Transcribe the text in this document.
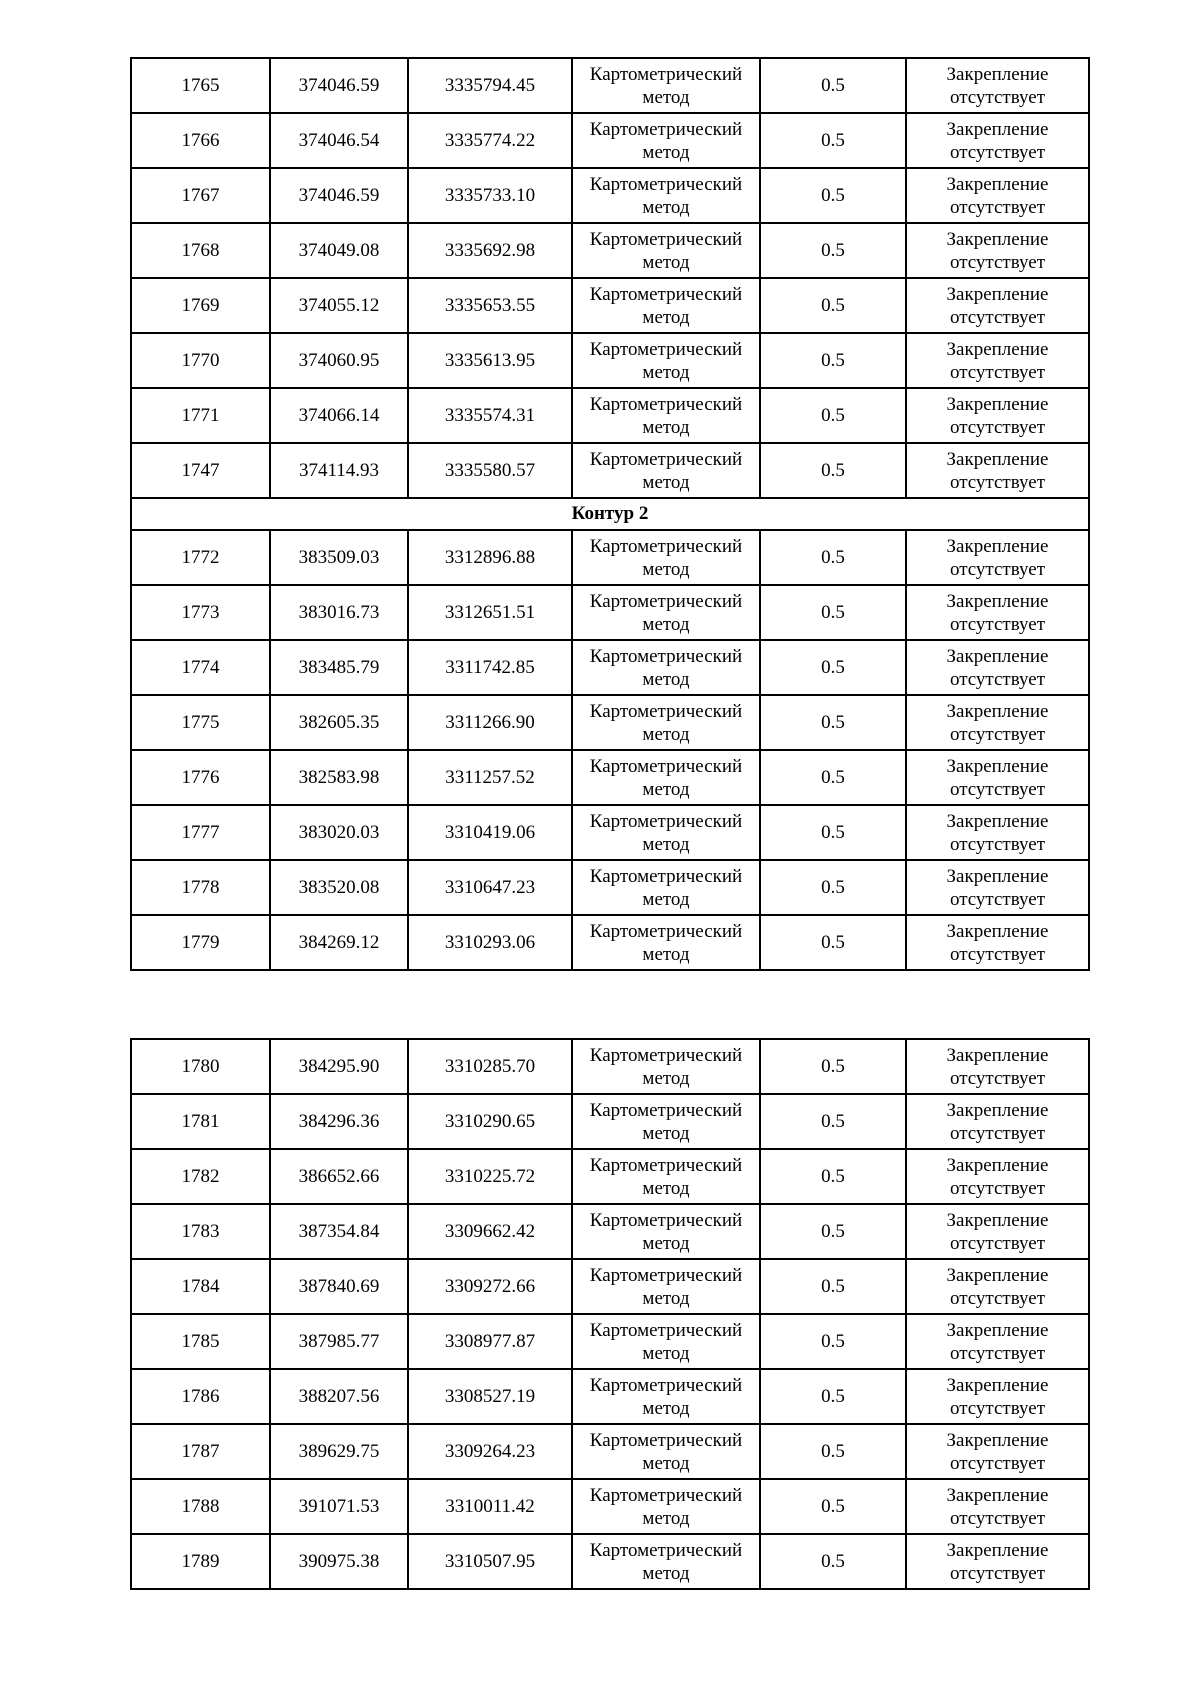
1765	374046.59	3335794.45	Картометрический
метод	0.5	Закрепление
отсутствует

1766	374046.54	3335774.22	Картометрический
метод	0.5	Закрепление
отсутствует

1767	374046.59	3335733.10	Картометрический
метод	0.5	Закрепление
отсутствует

1768	374049.08	3335692.98	Картометрический
метод	0.5	Закрепление
отсутствует

1769	374055.12	3335653.55	Картометрический
метод	0.5	Закрепление
отсутствует

1770	374060.95	3335613.95	Картометрический
метод	0.5	Закрепление
отсутствует

1771	374066.14	3335574.31	Картометрический
метод	0.5	Закрепление
отсутствует

1747	374114.93	3335580.57	Картометрический
метод	0.5	Закрепление
отсутствует

Контур 2					
1772	383509.03	3312896.88	Картометрический
метод	0.5	Закрепление
отсутствует

1773	383016.73	3312651.51	Картометрический
метод	0.5	Закрепление
отсутствует

1774	383485.79	3311742.85	Картометрический
метод	0.5	Закрепление
отсутствует

1775	382605.35	3311266.90	Картометрический
метод	0.5	Закрепление
отсутствует

1776	382583.98	3311257.52	Картометрический
метод	0.5	Закрепление
отсутствует

1777	383020.03	3310419.06	Картометрический
метод	0.5	Закрепление
отсутствует

1778	383520.08	3310647.23	Картометрический
метод	0.5	Закрепление
отсутствует

1779	384269.12	3310293.06	Картометрический
метод	0.5	Закрепление
отсутствует
1780	384295.90	3310285.70	Картометрический
метод	0.5	Закрепление
отсутствует

1781	384296.36	3310290.65	Картометрический
метод	0.5	Закрепление
отсутствует

1782	386652.66	3310225.72	Картометрический
метод	0.5	Закрепление
отсутствует

1783	387354.84	3309662.42	Картометрический
метод	0.5	Закрепление
отсутствует

1784	387840.69	3309272.66	Картометрический
метод	0.5	Закрепление
отсутствует

1785	387985.77	3308977.87	Картометрический
метод	0.5	Закрепление
отсутствует

1786	388207.56	3308527.19	Картометрический
метод	0.5	Закрепление
отсутствует

1787	389629.75	3309264.23	Картометрический
метод	0.5	Закрепление
отсутствует

1788	391071.53	3310011.42	Картометрический
метод	0.5	Закрепление
отсутствует

1789	390975.38	3310507.95	Картометрический
метод	0.5	Закрепление
отсутствует
